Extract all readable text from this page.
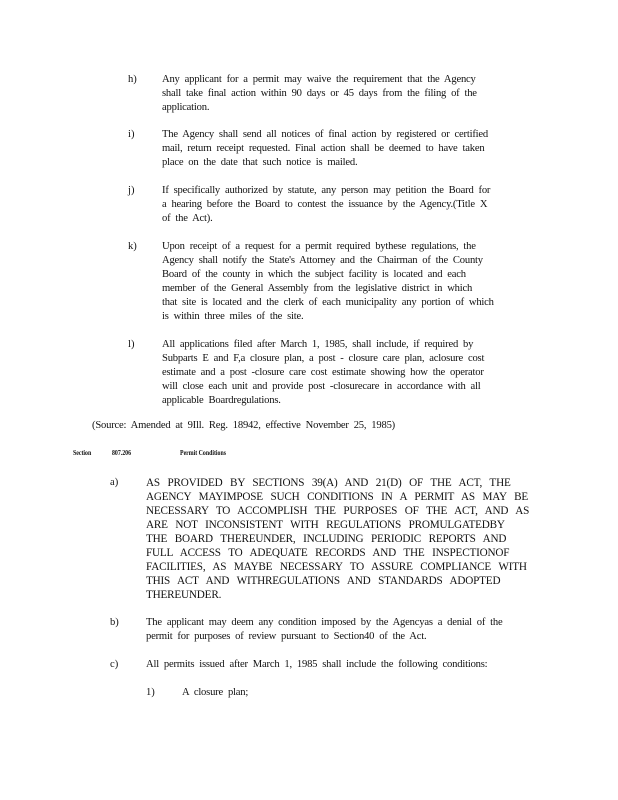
h) Any applicant for a permit may waive the requirement that the Agency

shall take final action within 90 days or 45 days from the filing of the

application.

i)	The Agency shall send all notices of final action by registered or certified

mail, return receipt requested. Final action shall be deemed to have taken

place on the date that such notice is mailed.

j)	If specifically authorized by statute, any person may petition the Board for

a hearing before the Board to contest the issuance by the Agency.(Title X

of the Act).

k) Upon receipt of a request for a permit required bythese regulations, the

Agency shall notify the State's Attorney and the Chairman of the County

Board of the county in which the subject facility is located and each

member of the General Assembly from the legislative district in which

that site is located and the clerk of each municipality any portion of which

is within three miles of the site.

l)	All applications filed after March 1, 1985, shall include, if required by

Subparts E and F,a closure plan, a post - closure care plan, aclosure cost

estimate and a post -closure care cost estimate showing how the operator

will close each unit and provide post -closurecare in accordance with all

applicable Boardregulations.

(Source: Amended at 9Ill. Reg. 18942, effective November 25, 1985)

Section	807.206	Permit Conditions

a) AS PROVIDED BY SECTIONS 39(A) AND 21(D) OF THE ACT, THE

AGENCY MAYIMPOSE SUCH CONDITIONS IN A PERMIT AS MAY BE

NECESSARY TO ACCOMPLISH THE PURPOSES OF THE ACT, AND AS

ARE NOT INCONSISTENT WITH REGULATIONS PROMULGATEDBY

THE BOARD THEREUNDER, INCLUDING PERIODIC REPORTS AND

FULL ACCESS TO ADEQUATE RECORDS AND THE INSPECTIONOF

FACILITIES, AS MAYBE NECESSARY TO ASSURE COMPLIANCE WITH

THIS ACT AND WITHREGULATIONS AND STANDARDS ADOPTED

THEREUNDER.

b)	The applicant may deem any condition imposed by the Agencyas a denial of the

permit for purposes of review pursuant to Section40 of the Act.

c)	All permits issued after March 1, 1985 shall include the following conditions:

1)	A closure plan;
